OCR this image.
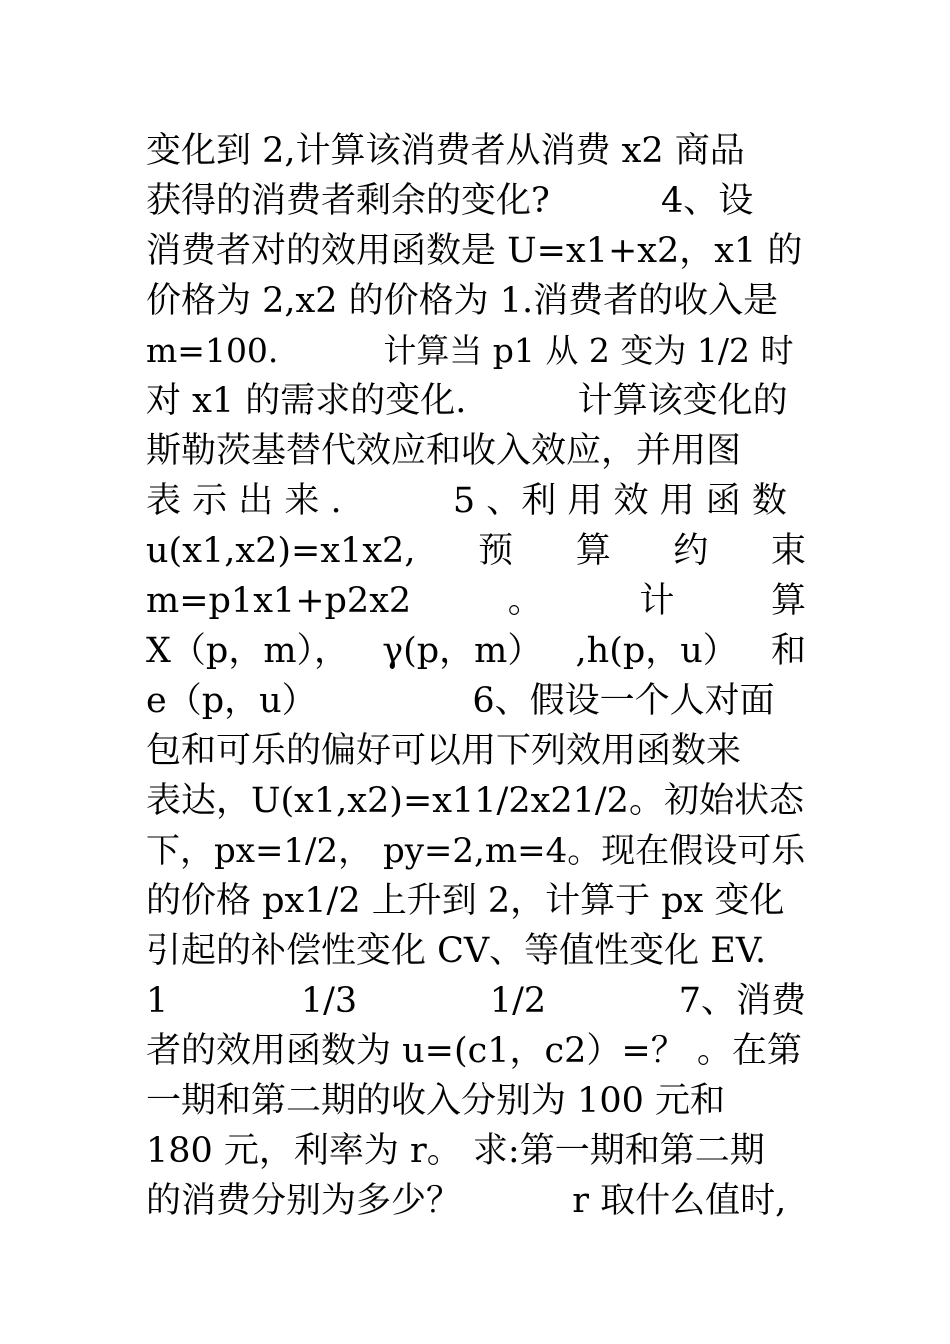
变化到 2,计算该消费者从消费 x2 商品
获得的消费者剩余的变化?          4、设
消费者对的效用函数是 U=x1+x2，x1 的
价格为 2,x2 的价格为 1.消费者的收入是
m=100.          计算当 p1 从 2 变为 1/2 时
对 x1 的需求的变化.          计算该变化的
斯勒茨基替代效应和收入效应，并用图
表 示 出 来 .          5 、利 用 效 用 函 数
u(x1,x2)=x1x2, 预 算 约 束
m=p1x1+p2x2	。	计	算
X（p，m）， γ(p，m） ,h(p，u） 和
e（p，u）              6、假设一个人对面
包和可乐的偏好可以用下列效用函数来
表达，U(x1,x2)=x11/2x21/2。初始状态
下，px=1/2， py=2,m=4。现在假设可乐
的价格 px1/2 上升到 2，计算于 px 变化
引起的补偿性变化 CV、等值性变化 EV.
1	1/3	1/2	7、消费
者的效用函数为 u=(c1，c2）=？ 。在第
一期和第二期的收入分别为 100 元和
180 元，利率为 r。 求:第一期和第二期
的消费分别为多少？          r 取什么值时,
